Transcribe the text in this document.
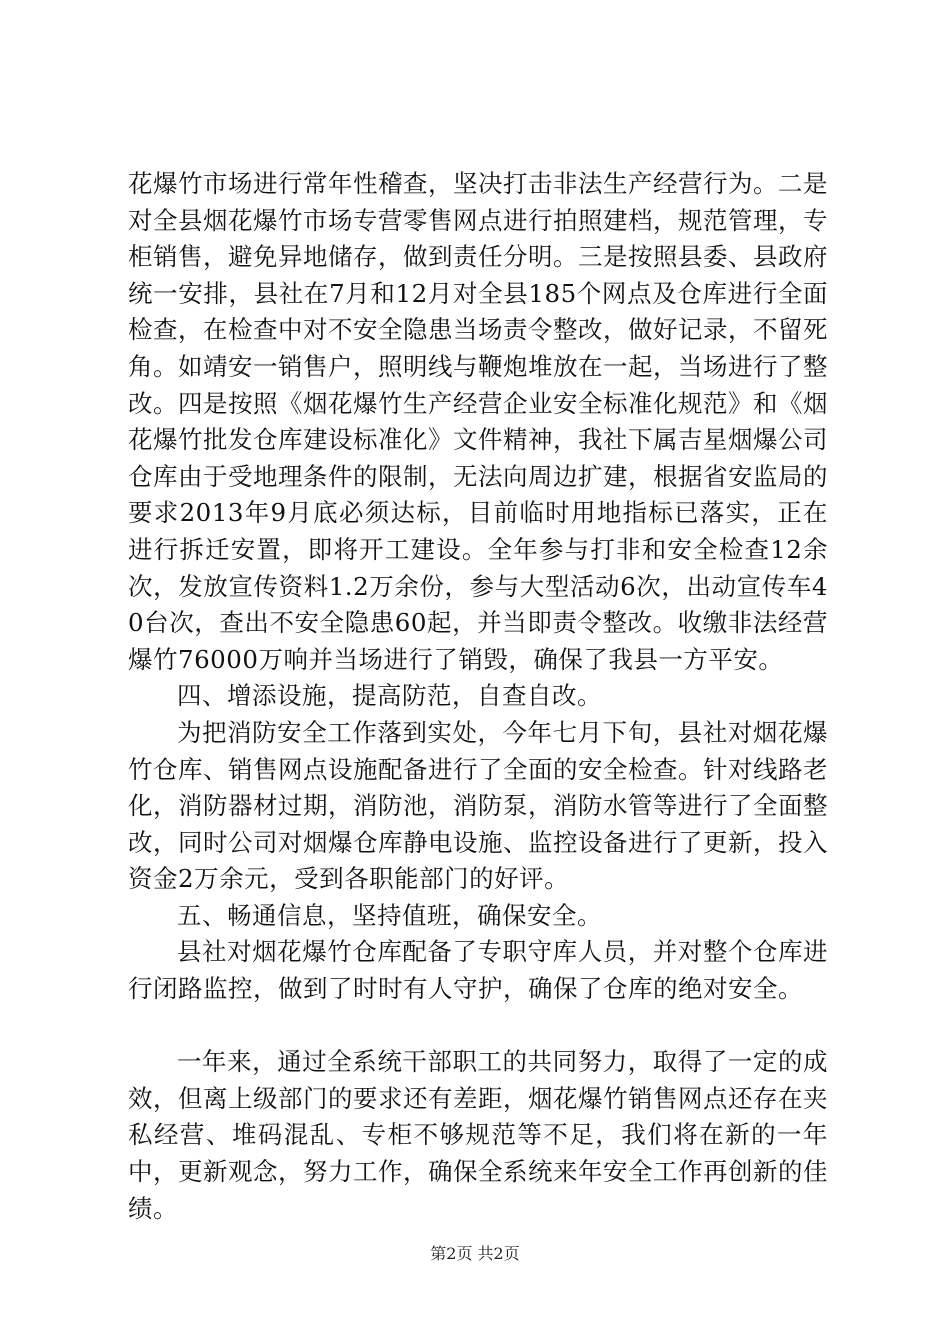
花爆竹市场进行常年性稽查，坚决打击非法生产经营行为。二是对全县烟花爆竹市场专营零售网点进行拍照建档，规范管理，专柜销售，避免异地储存，做到责任分明。三是按照县委、县政府统一安排，县社在7月和12月对全县185个网点及仓库进行全面检查，在检查中对不安全隐患当场责令整改，做好记录，不留死角。如靖安一销售户，照明线与鞭炮堆放在一起，当场进行了整改。四是按照《烟花爆竹生产经营企业安全标准化规范》和《烟花爆竹批发仓库建设标准化》文件精神，我社下属吉星烟爆公司仓库由于受地理条件的限制，无法向周边扩建，根据省安监局的要求2013年9月底必须达标，目前临时用地指标已落实，正在进行拆迁安置，即将开工建设。全年参与打非和安全检查12余次，发放宣传资料1.2万余份，参与大型活动6次，出动宣传车40台次，查出不安全隐患60起，并当即责令整改。收缴非法经营爆竹76000万响并当场进行了销毁，确保了我县一方平安。

四、增添设施，提高防范，自查自改。

为把消防安全工作落到实处，今年七月下旬，县社对烟花爆竹仓库、销售网点设施配备进行了全面的安全检查。针对线路老化，消防器材过期，消防池，消防泵，消防水管等进行了全面整改，同时公司对烟爆仓库静电设施、监控设备进行了更新，投入资金2万余元，受到各职能部门的好评。

五、畅通信息，坚持值班，确保安全。

县社对烟花爆竹仓库配备了专职守库人员，并对整个仓库进行闭路监控，做到了时时有人守护，确保了仓库的绝对安全。

一年来，通过全系统干部职工的共同努力，取得了一定的成效，但离上级部门的要求还有差距，烟花爆竹销售网点还存在夹私经营、堆码混乱、专柜不够规范等不足，我们将在新的一年中，更新观念，努力工作，确保全系统来年安全工作再创新的佳绩。

第2页 共2页
